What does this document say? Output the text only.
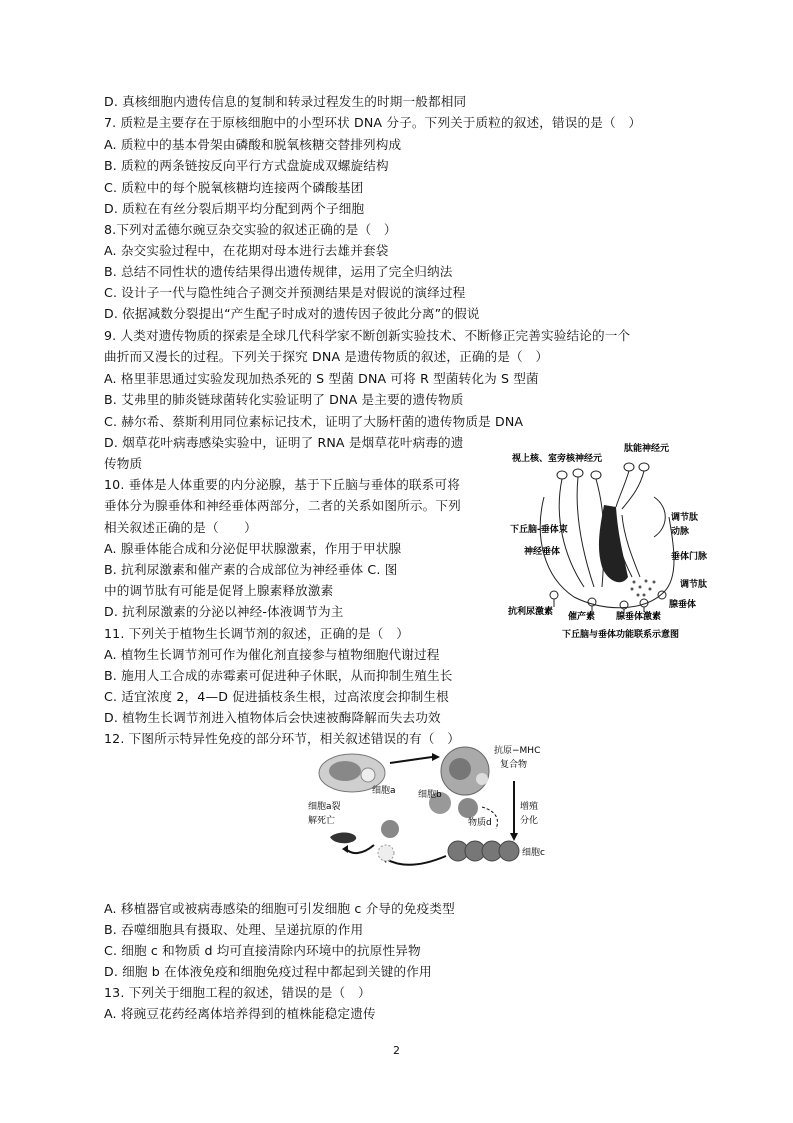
D. 真核细胞内遗传信息的复制和转录过程发生的时期一般都相同
7. 质粒是主要存在于原核细胞中的小型环状 DNA 分子。下列关于质粒的叙述，错误的是（　）
A. 质粒中的基本骨架由磷酸和脱氧核糖交替排列构成
B. 质粒的两条链按反向平行方式盘旋成双螺旋结构
C. 质粒中的每个脱氧核糖均连接两个磷酸基团
D. 质粒在有丝分裂后期平均分配到两个子细胞
8.下列对孟德尔豌豆杂交实验的叙述正确的是（　）
A. 杂交实验过程中，在花期对母本进行去雄并套袋
B. 总结不同性状的遗传结果得出遗传规律，运用了完全归纳法
C. 设计子一代与隐性纯合子测交并预测结果是对假说的演绎过程
D. 依据减数分裂提出“产生配子时成对的遗传因子彼此分离”的假说
9. 人类对遗传物质的探索是全球几代科学家不断创新实验技术、不断修正完善实验结论的一个
曲折而又漫长的过程。下列关于探究 DNA 是遗传物质的叙述，正确的是（　）
A. 格里菲思通过实验发现加热杀死的 S 型菌 DNA 可将 R 型菌转化为 S 型菌
B. 艾弗里的肺炎链球菌转化实验证明了 DNA 是主要的遗传物质
C. 赫尔希、蔡斯利用同位素标记技术，证明了大肠杆菌的遗传物质是 DNA
D. 烟草花叶病毒感染实验中，证明了 RNA 是烟草花叶病毒的遗
传物质
10. 垂体是人体重要的内分泌腺，基于下丘脑与垂体的联系可将
垂体分为腺垂体和神经垂体两部分，二者的关系如图所示。下列
相关叙述正确的是（　　）
A. 腺垂体能合成和分泌促甲状腺激素，作用于甲状腺
B. 抗利尿激素和催产素的合成部位为神经垂体 C. 图
中的调节肽有可能是促肾上腺素释放激素
D. 抗利尿激素的分泌以神经-体液调节为主
11. 下列关于植物生长调节剂的叙述，正确的是（　）
A. 植物生长调节剂可作为催化剂直接参与植物细胞代谢过程
B. 施用人工合成的赤霉素可促进种子休眠，从而抑制生殖生长
C. 适宜浓度 2，4—D 促进插枝条生根，过高浓度会抑制生根
D. 植物生长调节剂进入植物体后会快速被酶降解而失去功效
12. 下图所示特异性免疫的部分环节，相关叙述错误的有（　）
A. 移植器官或被病毒感染的细胞可引发细胞 c 介导的免疫类型
B. 吞噬细胞具有摄取、处理、呈递抗原的作用
C. 细胞 c 和物质 d 均可直接清除内环境中的抗原性异物
D. 细胞 b 在体液免疫和细胞免疫过程中都起到关键的作用
13. 下列关于细胞工程的叙述，错误的是（　）
A. 将豌豆花药经离体培养得到的植株能稳定遗传
视上核、室旁核神经元
肽能神经元
调节肽
动脉
下丘脑-垂体束
垂体门脉
神经垂体
调节肽
腺垂体
抗利尿激素 催产素 腺垂体激素
下丘脑与垂体功能联系示意图
细胞a
抗原−MHC
复合物
细胞b
物质d
增殖
分化
细胞c
细胞a裂
解死亡
2
